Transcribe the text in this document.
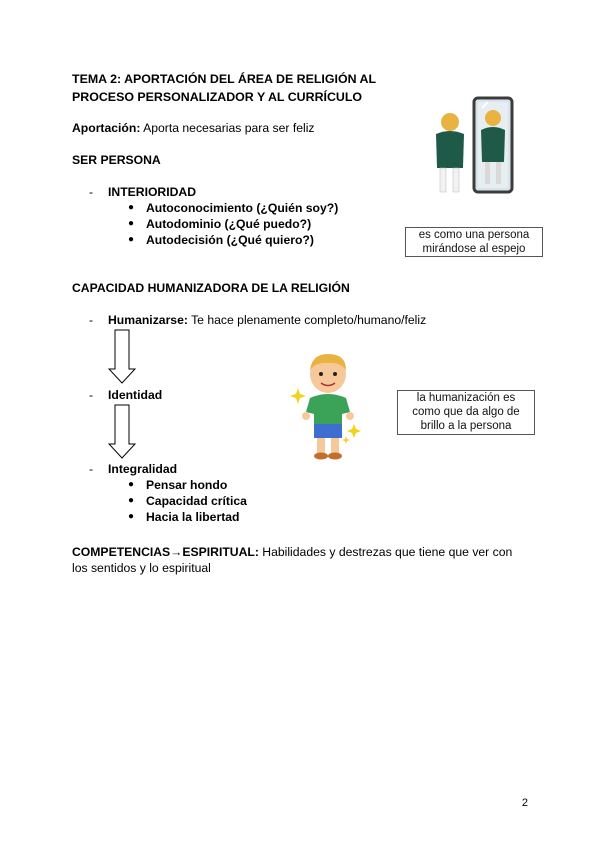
TEMA 2: APORTACIÓN DEL ÁREA DE RELIGIÓN AL
PROCESO PERSONALIZADOR Y AL CURRÍCULO
Aportación: Aporta necesarias para ser feliz
SER PERSONA
- INTERIORIDAD
● Autoconocimiento (¿Quién soy?)
● Autodominio (¿Qué puedo?)
● Autodecisión (¿Qué quiero?)	es como una persona
mirándose al espejo
CAPACIDAD HUMANIZADORA DE LA RELIGIÓN
- Humanizarse: Te hace plenamente completo/humano/feliz
- Identidad
- Integralidad
● Pensar hondo
● Capacidad crítica
● Hacia la libertad
la humanización es
como que da algo de
brillo a la persona
COMPETENCIAS→ESPIRITUAL: Habilidades y destrezas que tiene que ver con
los sentidos y lo espiritual
2
